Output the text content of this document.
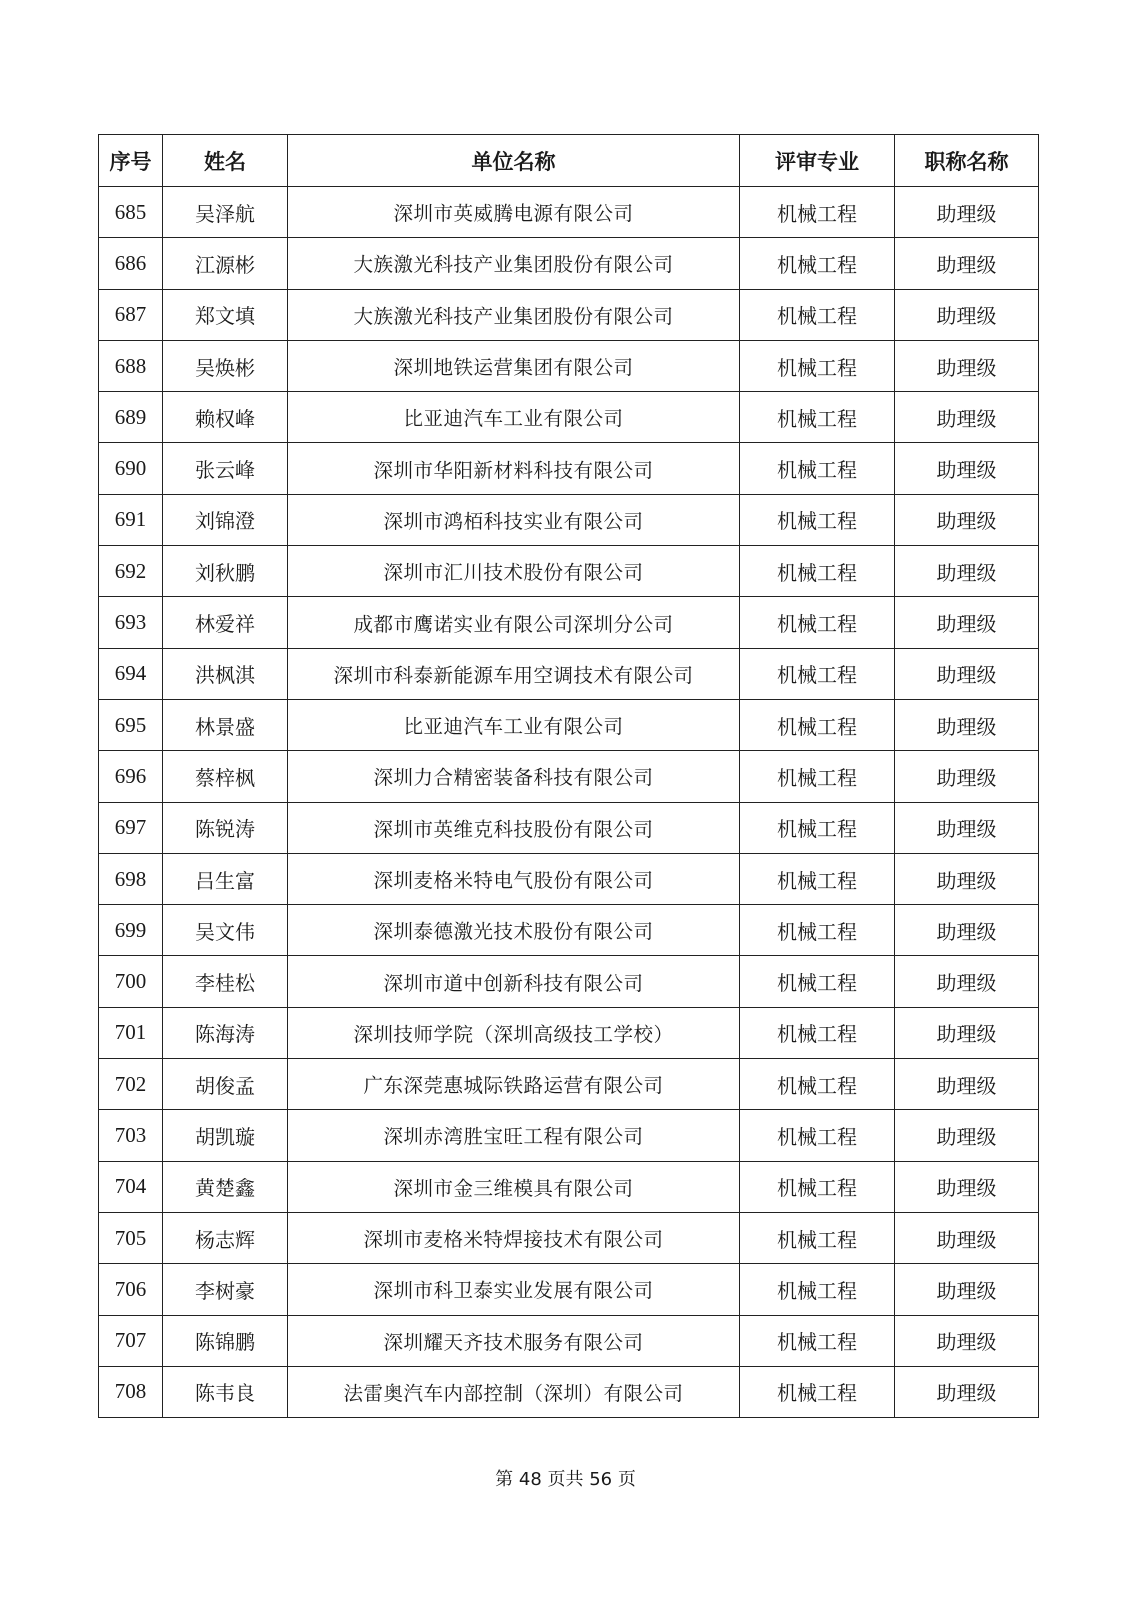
序号	姓名	单位名称	评审专业	职称名称
685	吴泽航	深圳市英威腾电源有限公司	机械工程	助理级
686	江源彬	大族激光科技产业集团股份有限公司	机械工程	助理级
687	郑文填	大族激光科技产业集团股份有限公司	机械工程	助理级
688	吴焕彬	深圳地铁运营集团有限公司	机械工程	助理级
689	赖权峰	比亚迪汽车工业有限公司	机械工程	助理级
690	张云峰	深圳市华阳新材料科技有限公司	机械工程	助理级
691	刘锦澄	深圳市鸿栢科技实业有限公司	机械工程	助理级
692	刘秋鹏	深圳市汇川技术股份有限公司	机械工程	助理级
693	林爱祥	成都市鹰诺实业有限公司深圳分公司	机械工程	助理级
694	洪枫淇	深圳市科泰新能源车用空调技术有限公司	机械工程	助理级
695	林景盛	比亚迪汽车工业有限公司	机械工程	助理级
696	蔡梓枫	深圳力合精密装备科技有限公司	机械工程	助理级
697	陈锐涛	深圳市英维克科技股份有限公司	机械工程	助理级
698	吕生富	深圳麦格米特电气股份有限公司	机械工程	助理级
699	吴文伟	深圳泰德激光技术股份有限公司	机械工程	助理级
700	李桂松	深圳市道中创新科技有限公司	机械工程	助理级
701	陈海涛	深圳技师学院（深圳高级技工学校）	机械工程	助理级
702	胡俊孟	广东深莞惠城际铁路运营有限公司	机械工程	助理级
703	胡凯璇	深圳赤湾胜宝旺工程有限公司	机械工程	助理级
704	黄楚鑫	深圳市金三维模具有限公司	机械工程	助理级
705	杨志辉	深圳市麦格米特焊接技术有限公司	机械工程	助理级
706	李树豪	深圳市科卫泰实业发展有限公司	机械工程	助理级
707	陈锦鹏	深圳耀天齐技术服务有限公司	机械工程	助理级
708	陈韦良	法雷奥汽车内部控制（深圳）有限公司	机械工程	助理级
第 48 页共 56 页
